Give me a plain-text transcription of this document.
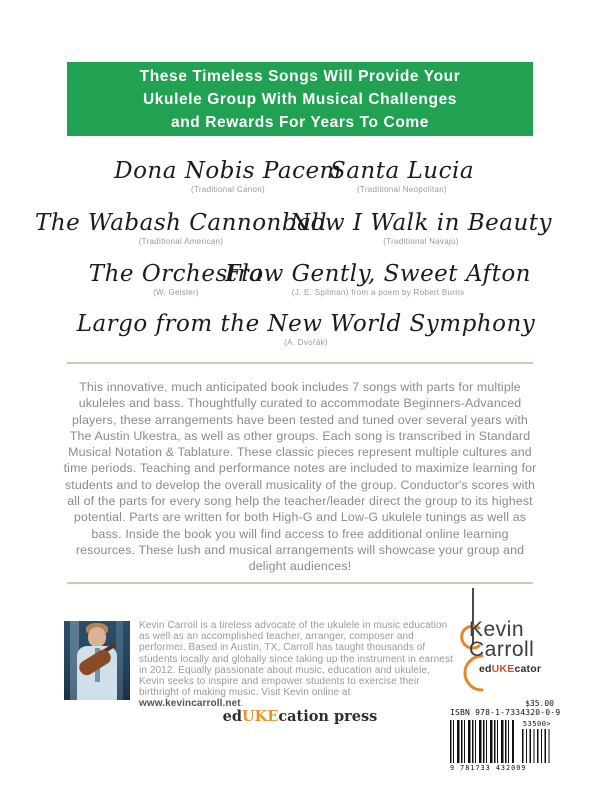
These Timeless Songs Will Provide Your
Ukulele Group With Musical Challenges
and Rewards For Years To Come
Dona Nobis Pacem
(Traditional Canon)
Santa Lucia
(Traditional Neopolitan)
The Wabash Cannonball
(Traditional American)
Now I Walk in Beauty
(Traditional Navajo)
The Orchestra
(W. Geisler)
Flow Gently, Sweet Afton
(J. E. Spilman) from a poem by Robert Burns
Largo from the New World Symphony
(A. Dvořák)
This innovative, much anticipated book includes 7 songs with parts for multiple ukuleles and bass. Thoughtfully curated to accommodate Beginners-Advanced players, these arrangements have been tested and tuned over several years with The Austin Ukestra, as well as other groups. Each song is transcribed in Standard Musical Notation & Tablature. These classic pieces represent multiple cultures and time periods. Teaching and performance notes are included to maximize learning for students and to develop the overall musicality of the group. Conductor's scores with all of the parts for every song help the teacher/leader direct the group to its highest potential. Parts are written for both High-G and Low-G ukulele tunings as well as bass. Inside the book you will find access to free additional online learning resources. These lush and musical arrangements will showcase your group and delight audiences!
Kevin Carroll is a tireless advocate of the ukulele in music education as well as an accomplished teacher, arranger, composer and performer. Based in Austin, TX, Carroll has taught thousands of students locally and globally since taking up the instrument in earnest in 2012. Equally passionate about music, education and ukulele, Kevin seeks to inspire and empower students to exercise their birthright of making music. Visit Kevin online at www.kevincarroll.net.
Kevin
Carroll
edUKEcator
edUKEcation press
$35.00
ISBN 978-1-7334320-0-9
9 781733 432009
53500>
